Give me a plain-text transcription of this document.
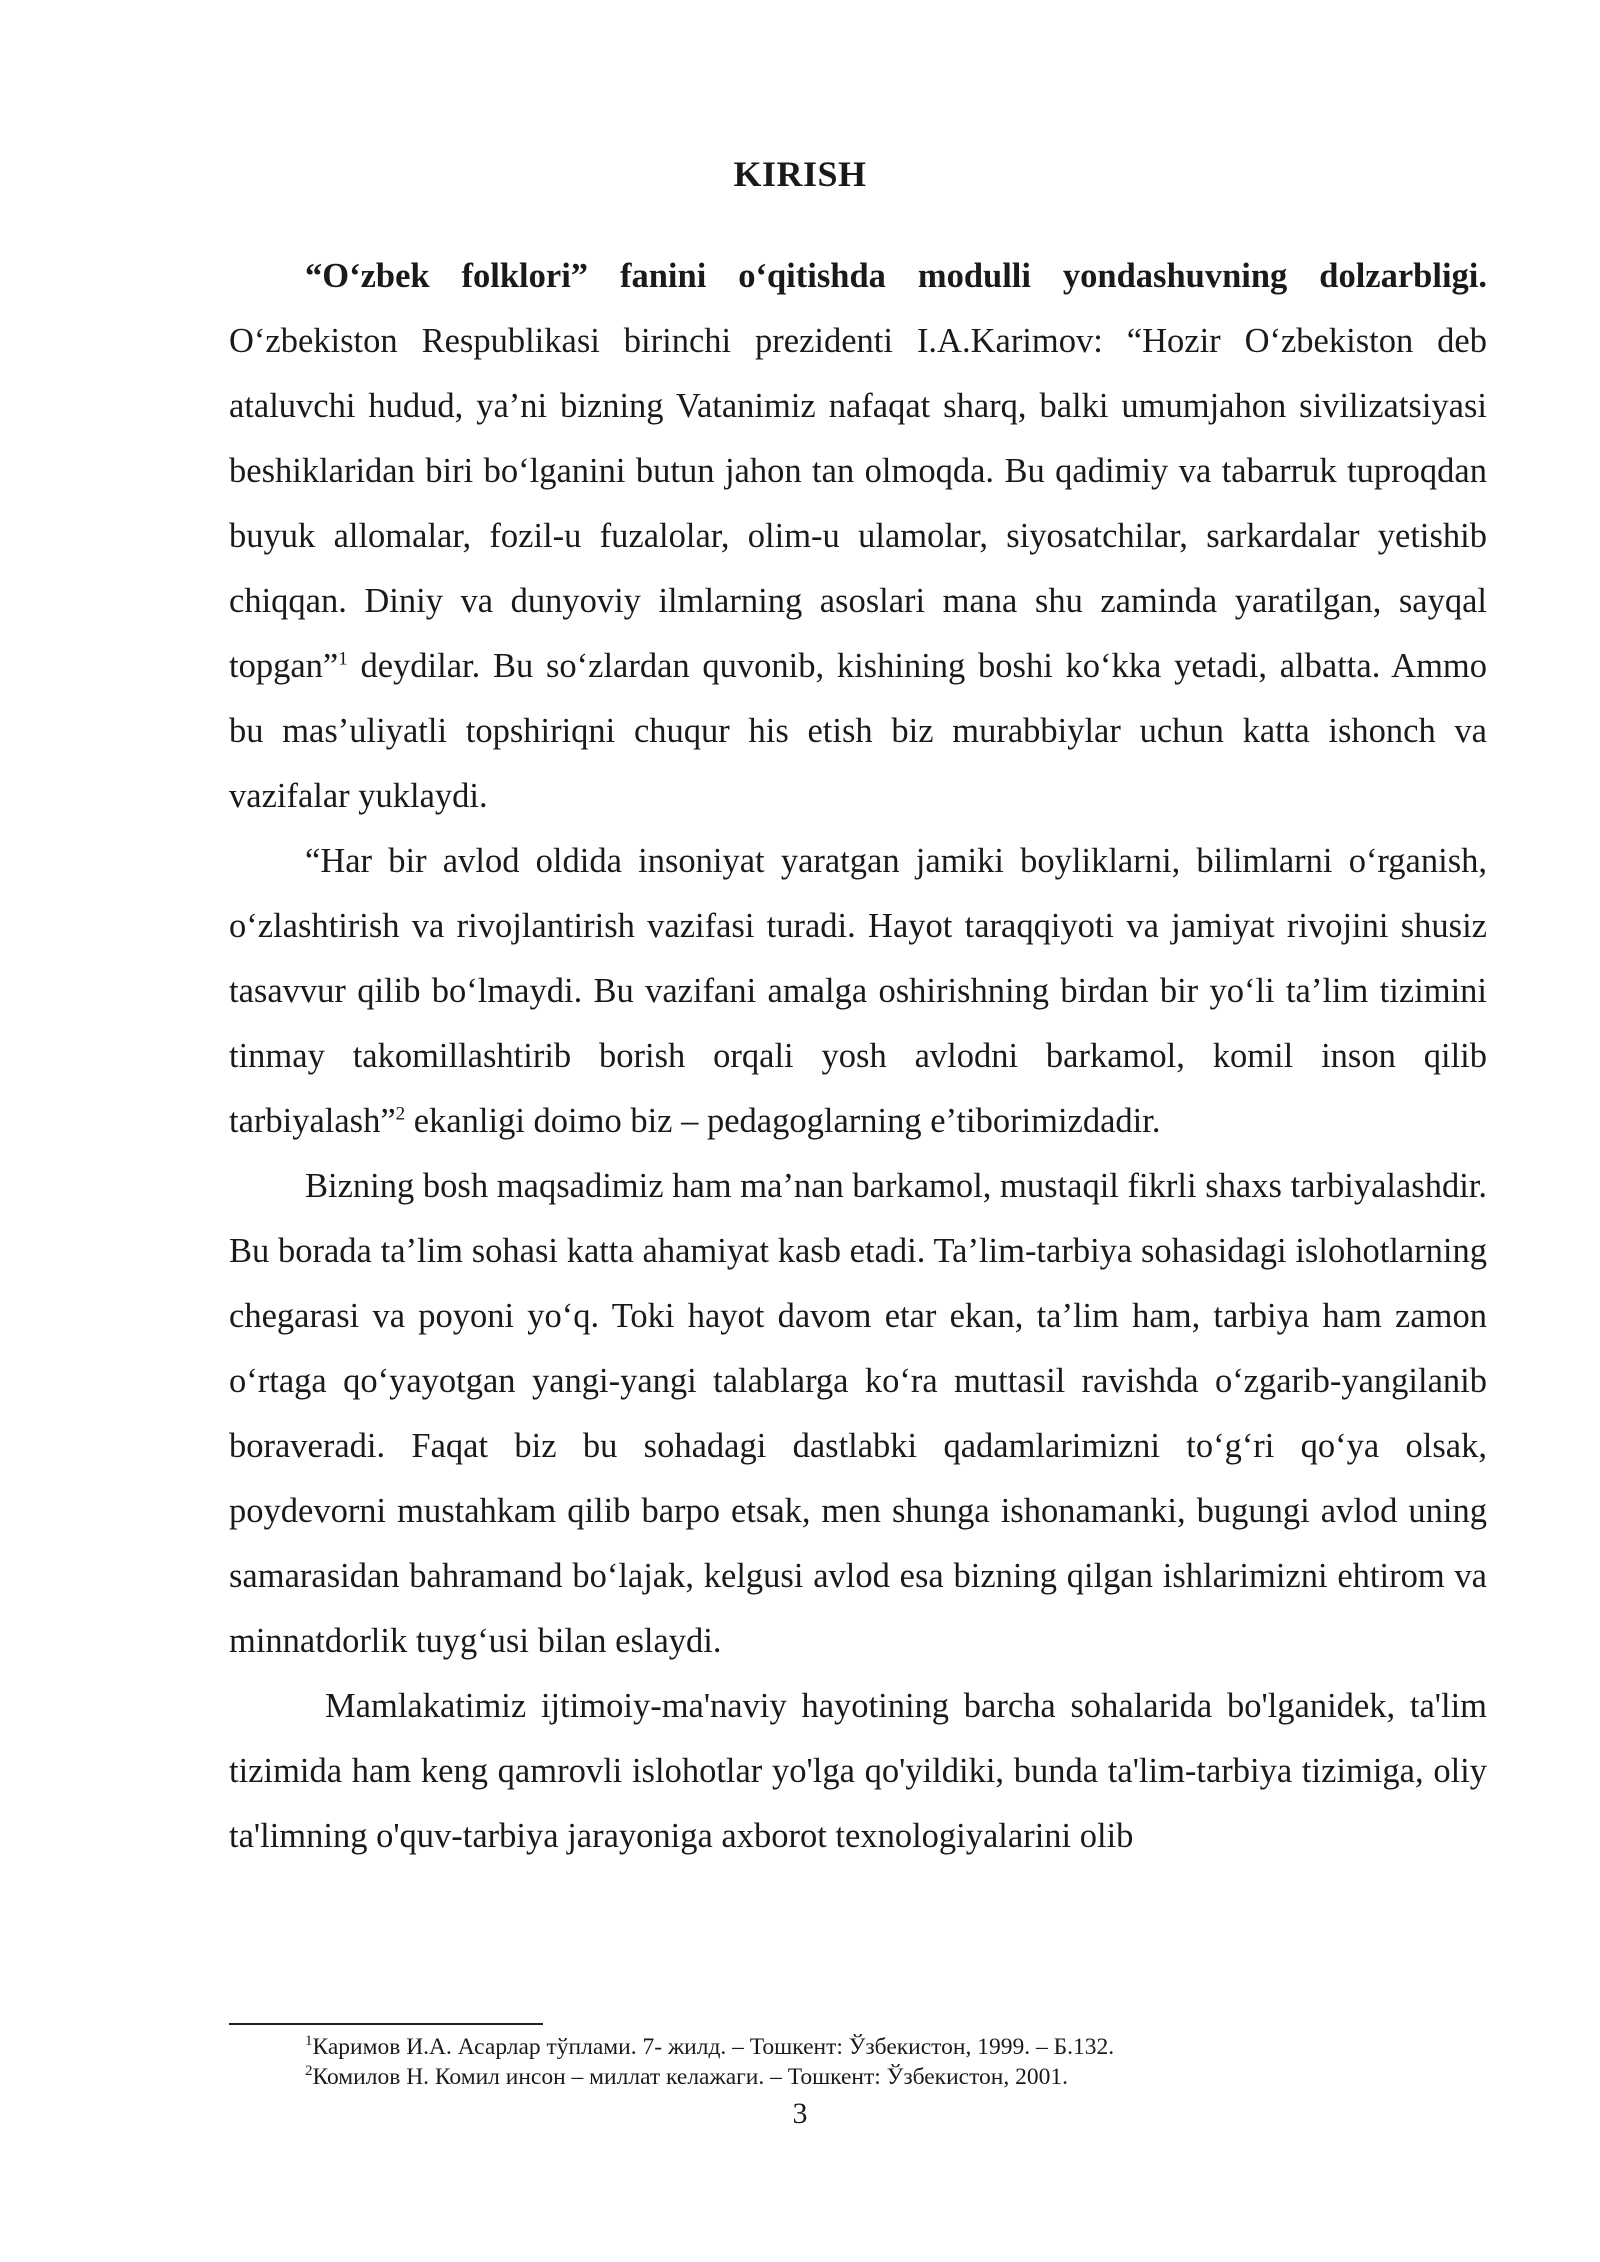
KIRISH

“O‘zbek folklori” fanini o‘qitishda modulli yondashuvning dolzarbligi. O‘zbekiston Respublikasi birinchi prezidenti I.A.Karimov: “Hozir O‘zbekiston deb ataluvchi hudud, ya’ni bizning Vatanimiz nafaqat sharq, balki umumjahon sivilizatsiyasi beshiklaridan biri bo‘lganini butun jahon tan olmoqda. Bu qadimiy va tabarruk tuproqdan buyuk allomalar, fozil-u fuzalolar, olim-u ulamolar, siyosatchilar, sarkardalar yetishib chiqqan. Diniy va dunyoviy ilmlarning asoslari mana shu zaminda yaratilgan, sayqal topgan”$^1$ deydilar. Bu so‘zlardan quvonib, kishining boshi ko‘kka yetadi, albatta. Ammo bu mas’uliyatli topshiriqni chuqur his etish biz murabbiylar uchun katta ishonch va vazifalar yuklaydi.

“Har bir avlod oldida insoniyat yaratgan jamiki boyliklarni, bilimlarni o‘rganish, o‘zlashtirish va rivojlantirish vazifasi turadi. Hayot taraqqiyoti va jamiyat rivojini shusiz tasavvur qilib bo‘lmaydi. Bu vazifani amalga oshirishning birdan bir yo‘li ta’lim tizimini tinmay takomillashtirib borish orqali yosh avlodni barkamol, komil inson qilib tarbiyalash”$^2$ ekanligi doimo biz – pedagoglarning e’tiborimizdadir.

Bizning bosh maqsadimiz ham ma’nan barkamol, mustaqil fikrli shaxs tarbiyalashdir. Bu borada ta’lim sohasi katta ahamiyat kasb etadi. Ta’lim-tarbiya sohasidagi islohotlarning chegarasi va poyoni yo‘q. Toki hayot davom etar ekan, ta’lim ham, tarbiya ham zamon o‘rtaga qo‘yayotgan yangi-yangi talablarga ko‘ra muttasil ravishda o‘zgarib-yangilanib boraveradi. Faqat biz bu sohadagi dastlabki qadamlarimizni to‘g‘ri qo‘ya olsak, poydevorni mustahkam qilib barpo etsak, men shunga ishonamanki, bugungi avlod uning samarasidan bahramand bo‘lajak, kelgusi avlod esa bizning qilgan ishlarimizni ehtirom va minnatdorlik tuyg‘usi bilan eslaydi.

Mamlakatimiz ijtimoiy-ma'naviy hayotining barcha sohalarida bo'lganidek, ta'lim tizimida ham keng qamrovli islohotlar yo'lga qo'yildiki, bunda ta'lim-tarbiya tizimiga, oliy ta'limning o'quv-tarbiya jarayoniga axborot texnologiyalarini olib

$^1$Каримов И.А. Асарлар тўплами. 7- жилд. – Тошкент: Ўзбекистон, 1999. – Б.132.
$^2$Комилов Н. Комил инсон – миллат келажаги. – Тошкент: Ўзбекистон, 2001.
3
